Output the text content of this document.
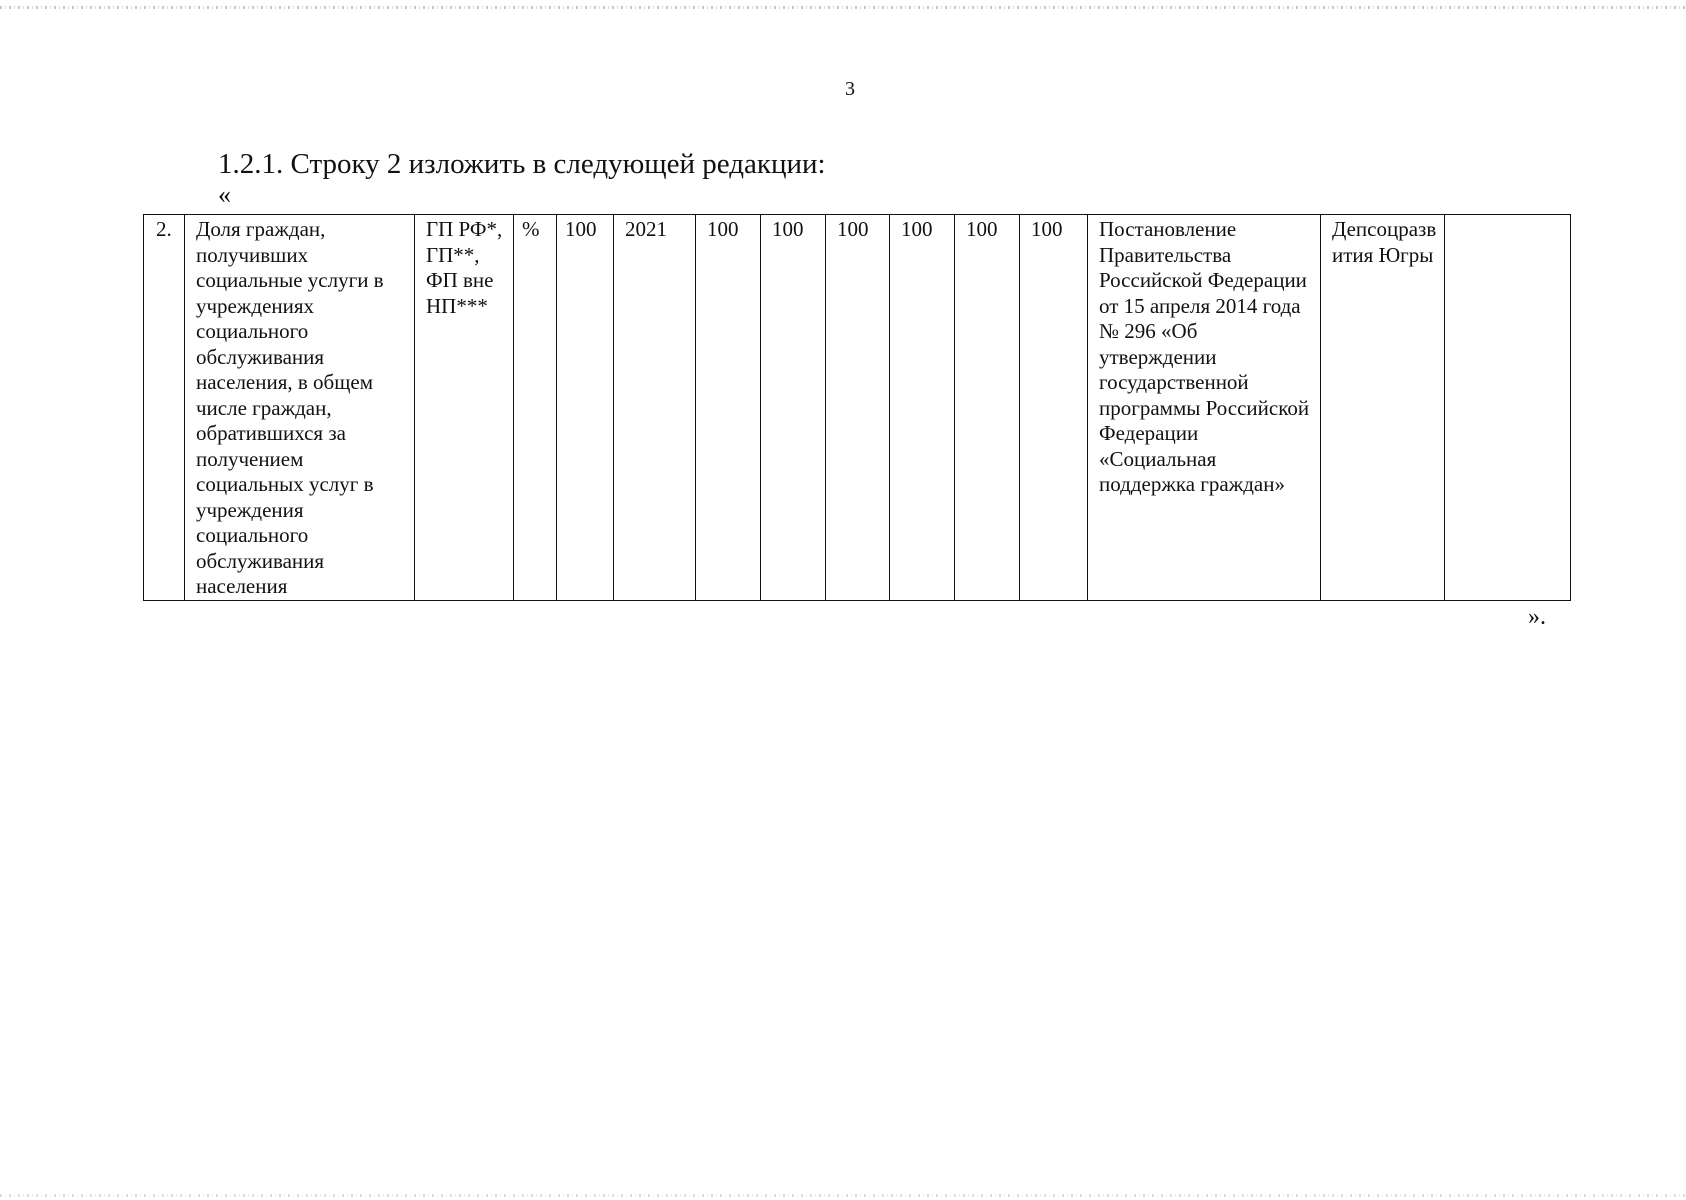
3
1.2.1. Строку 2 изложить в следующей редакции:
«
2.	Доля граждан, получивших социальные услуги в учреждениях социального обслуживания населения, в общем числе граждан, обратившихся за получением социальных услуг в учреждения социального обслуживания населения	ГП РФ*, ГП**, ФП вне НП***	%	100	2021	100	100	100	100	100	100	Постановление Правительства Российской Федерации от 15 апреля 2014 года № 296 «Об утверждении государственной программы Российской Федерации «Социальная поддержка граждан»	Депсоцразвития Югры	
».
